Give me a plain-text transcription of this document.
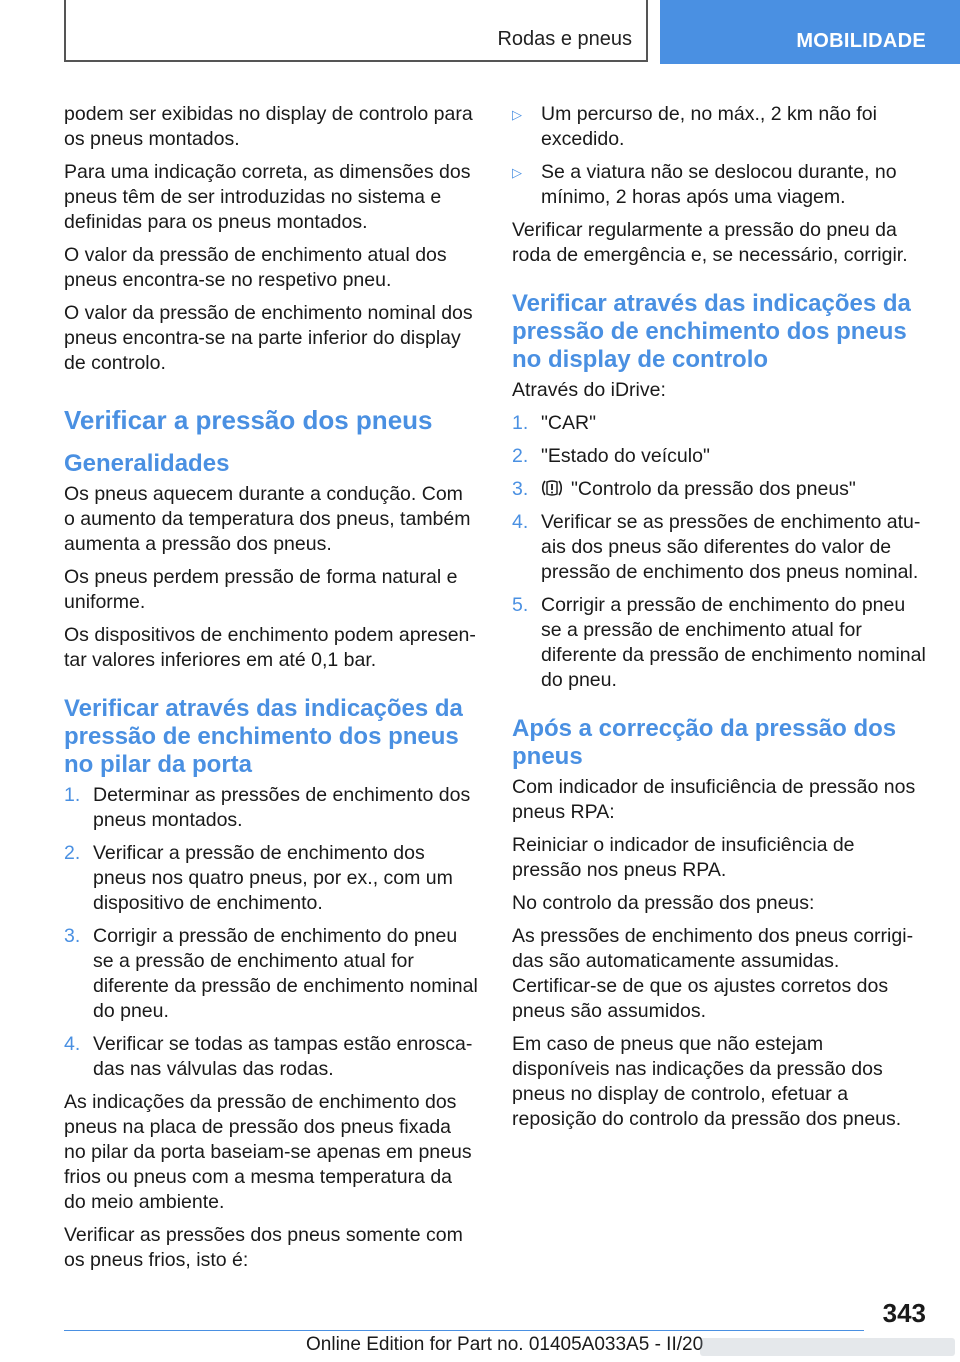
Rodas e pneus	MOBILIDADE

podem ser exibidas no display de controlo para os pneus montados.

Para uma indicação correta, as dimensões dos pneus têm de ser introduzidas no sistema e definidas para os pneus montados.

O valor da pressão de enchimento atual dos pneus encontra-se no respetivo pneu.

O valor da pressão de enchimento nominal dos pneus encontra-se na parte inferior do display de controlo.

Verificar a pressão dos pneus
Generalidades

Os pneus aquecem durante a condução. Com o aumento da temperatura dos pneus, também aumenta a pressão dos pneus.

Os pneus perdem pressão de forma natural e uniforme.

Os dispositivos de enchimento podem apresentar valores inferiores em até 0,1 bar.

Verificar através das indicações da pressão de enchimento dos pneus no pilar da porta
1. Determinar as pressões de enchimento dos pneus montados.
2. Verificar a pressão de enchimento dos pneus nos quatro pneus, por ex., com um dispositivo de enchimento.
3. Corrigir a pressão de enchimento do pneu se a pressão de enchimento atual for diferente da pressão de enchimento nominal do pneu.
4. Verificar se todas as tampas estão enroscadas nas válvulas das rodas.

As indicações da pressão de enchimento dos pneus na placa de pressão dos pneus fixada no pilar da porta baseiam-se apenas em pneus frios ou pneus com a mesma temperatura da do meio ambiente.

Verificar as pressões dos pneus somente com os pneus frios, isto é:

▷ Um percurso de, no máx., 2 km não foi excedido.
▷ Se a viatura não se deslocou durante, no mínimo, 2 horas após uma viagem.

Verificar regularmente a pressão do pneu da roda de emergência e, se necessário, corrigir.

Verificar através das indicações da pressão de enchimento dos pneus no display de controlo

Através do iDrive:

1. "CAR"
2. "Estado do veículo"
3. "Controlo da pressão dos pneus"
4. Verificar se as pressões de enchimento atuais dos pneus são diferentes do valor de pressão de enchimento dos pneus nominal.
5. Corrigir a pressão de enchimento do pneu se a pressão de enchimento atual for diferente da pressão de enchimento nominal do pneu.
Após a correcção da pressão dos pneus

Com indicador de insuficiência de pressão nos pneus RPA:

Reiniciar o indicador de insuficiência de pressão nos pneus RPA.

No controlo da pressão dos pneus:

As pressões de enchimento dos pneus corrigidas são automaticamente assumidas. Certificar-se de que os ajustes corretos dos pneus são assumidos.

Em caso de pneus que não estejam disponíveis nas indicações da pressão dos pneus no display de controlo, efetuar a reposição do controlo da pressão dos pneus.

343
Online Edition for Part no. 01405A033A5 - II/20
